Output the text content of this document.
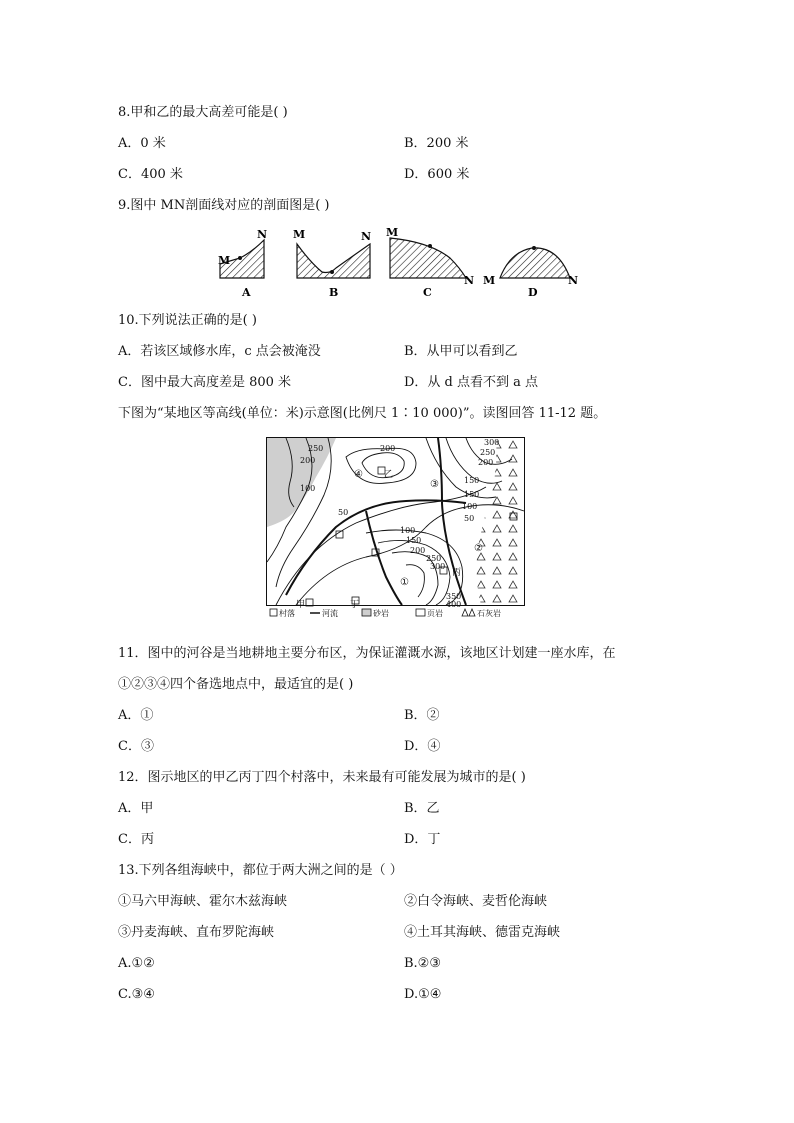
8.甲和乙的最大高差可能是( )
A．0 米	B．200 米
C．400 米	D．600 米
9.图中 MN剖面线对应的剖面图是( )
M
N
A
M	N
B
M
N
C
M	N
D
10.下列说法正确的是( )
A．若该区域修水库，c 点会被淹没	B．从甲可以看到乙
C．图中最大高度差是 800 米	D．从 d 点看不到 a 点
下图为“某地区等高线(单位：米)示意图(比例尺 1∶10 000)”。读图回答 11-12 题。
250
200
100
50
200
150
300
250
200
150
100
50
100
150
200
250
300
350
400
①
②
③
④
甲
乙
丙
丁
村落	河流	砂岩	页岩	石灰岩
11．图中的河谷是当地耕地主要分布区，为保证灌溉水源，该地区计划建一座水库，在
①②③④四个备选地点中，最适宜的是( )
A．①	B．②
C．③	D．④
12．图示地区的甲乙丙丁四个村落中，未来最有可能发展为城市的是( )
A．甲	B．乙
C．丙	D．丁
13.下列各组海峡中，都位于两大洲之间的是（ ）
①马六甲海峡、霍尔木兹海峡	②白令海峡、麦哲伦海峡
③丹麦海峡、直布罗陀海峡	④土耳其海峡、德雷克海峡
A.①②	B.②③
C.③④	D.①④
